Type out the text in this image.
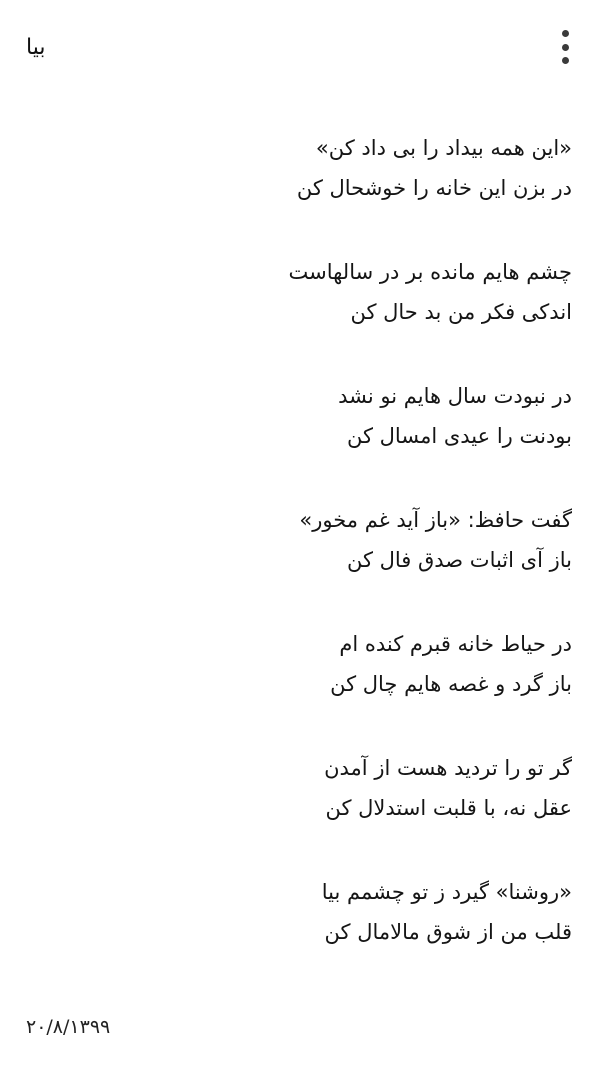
بیا
«این همه بیداد را بی داد کن»
در بزن این خانه را خوشحال کن
چشم هایم مانده بر در سالهاست
اندکی فکر من بد حال کن
در نبودت سال هایم نو نشد
بودنت را عیدی امسال کن
گفت حافظ: «باز آید غم مخور»
باز آی اثبات صدق فال کن
در حیاط خانه قبرم کنده ام
باز گرد و غصه هایم چال کن
گر تو را تردید هست از آمدن
عقل نه، با قلبت استدلال کن
«روشنا» گیرد ز تو چشمم بیا
قلب من از شوق مالامال کن
۲۰/۸/۱۳۹۹
